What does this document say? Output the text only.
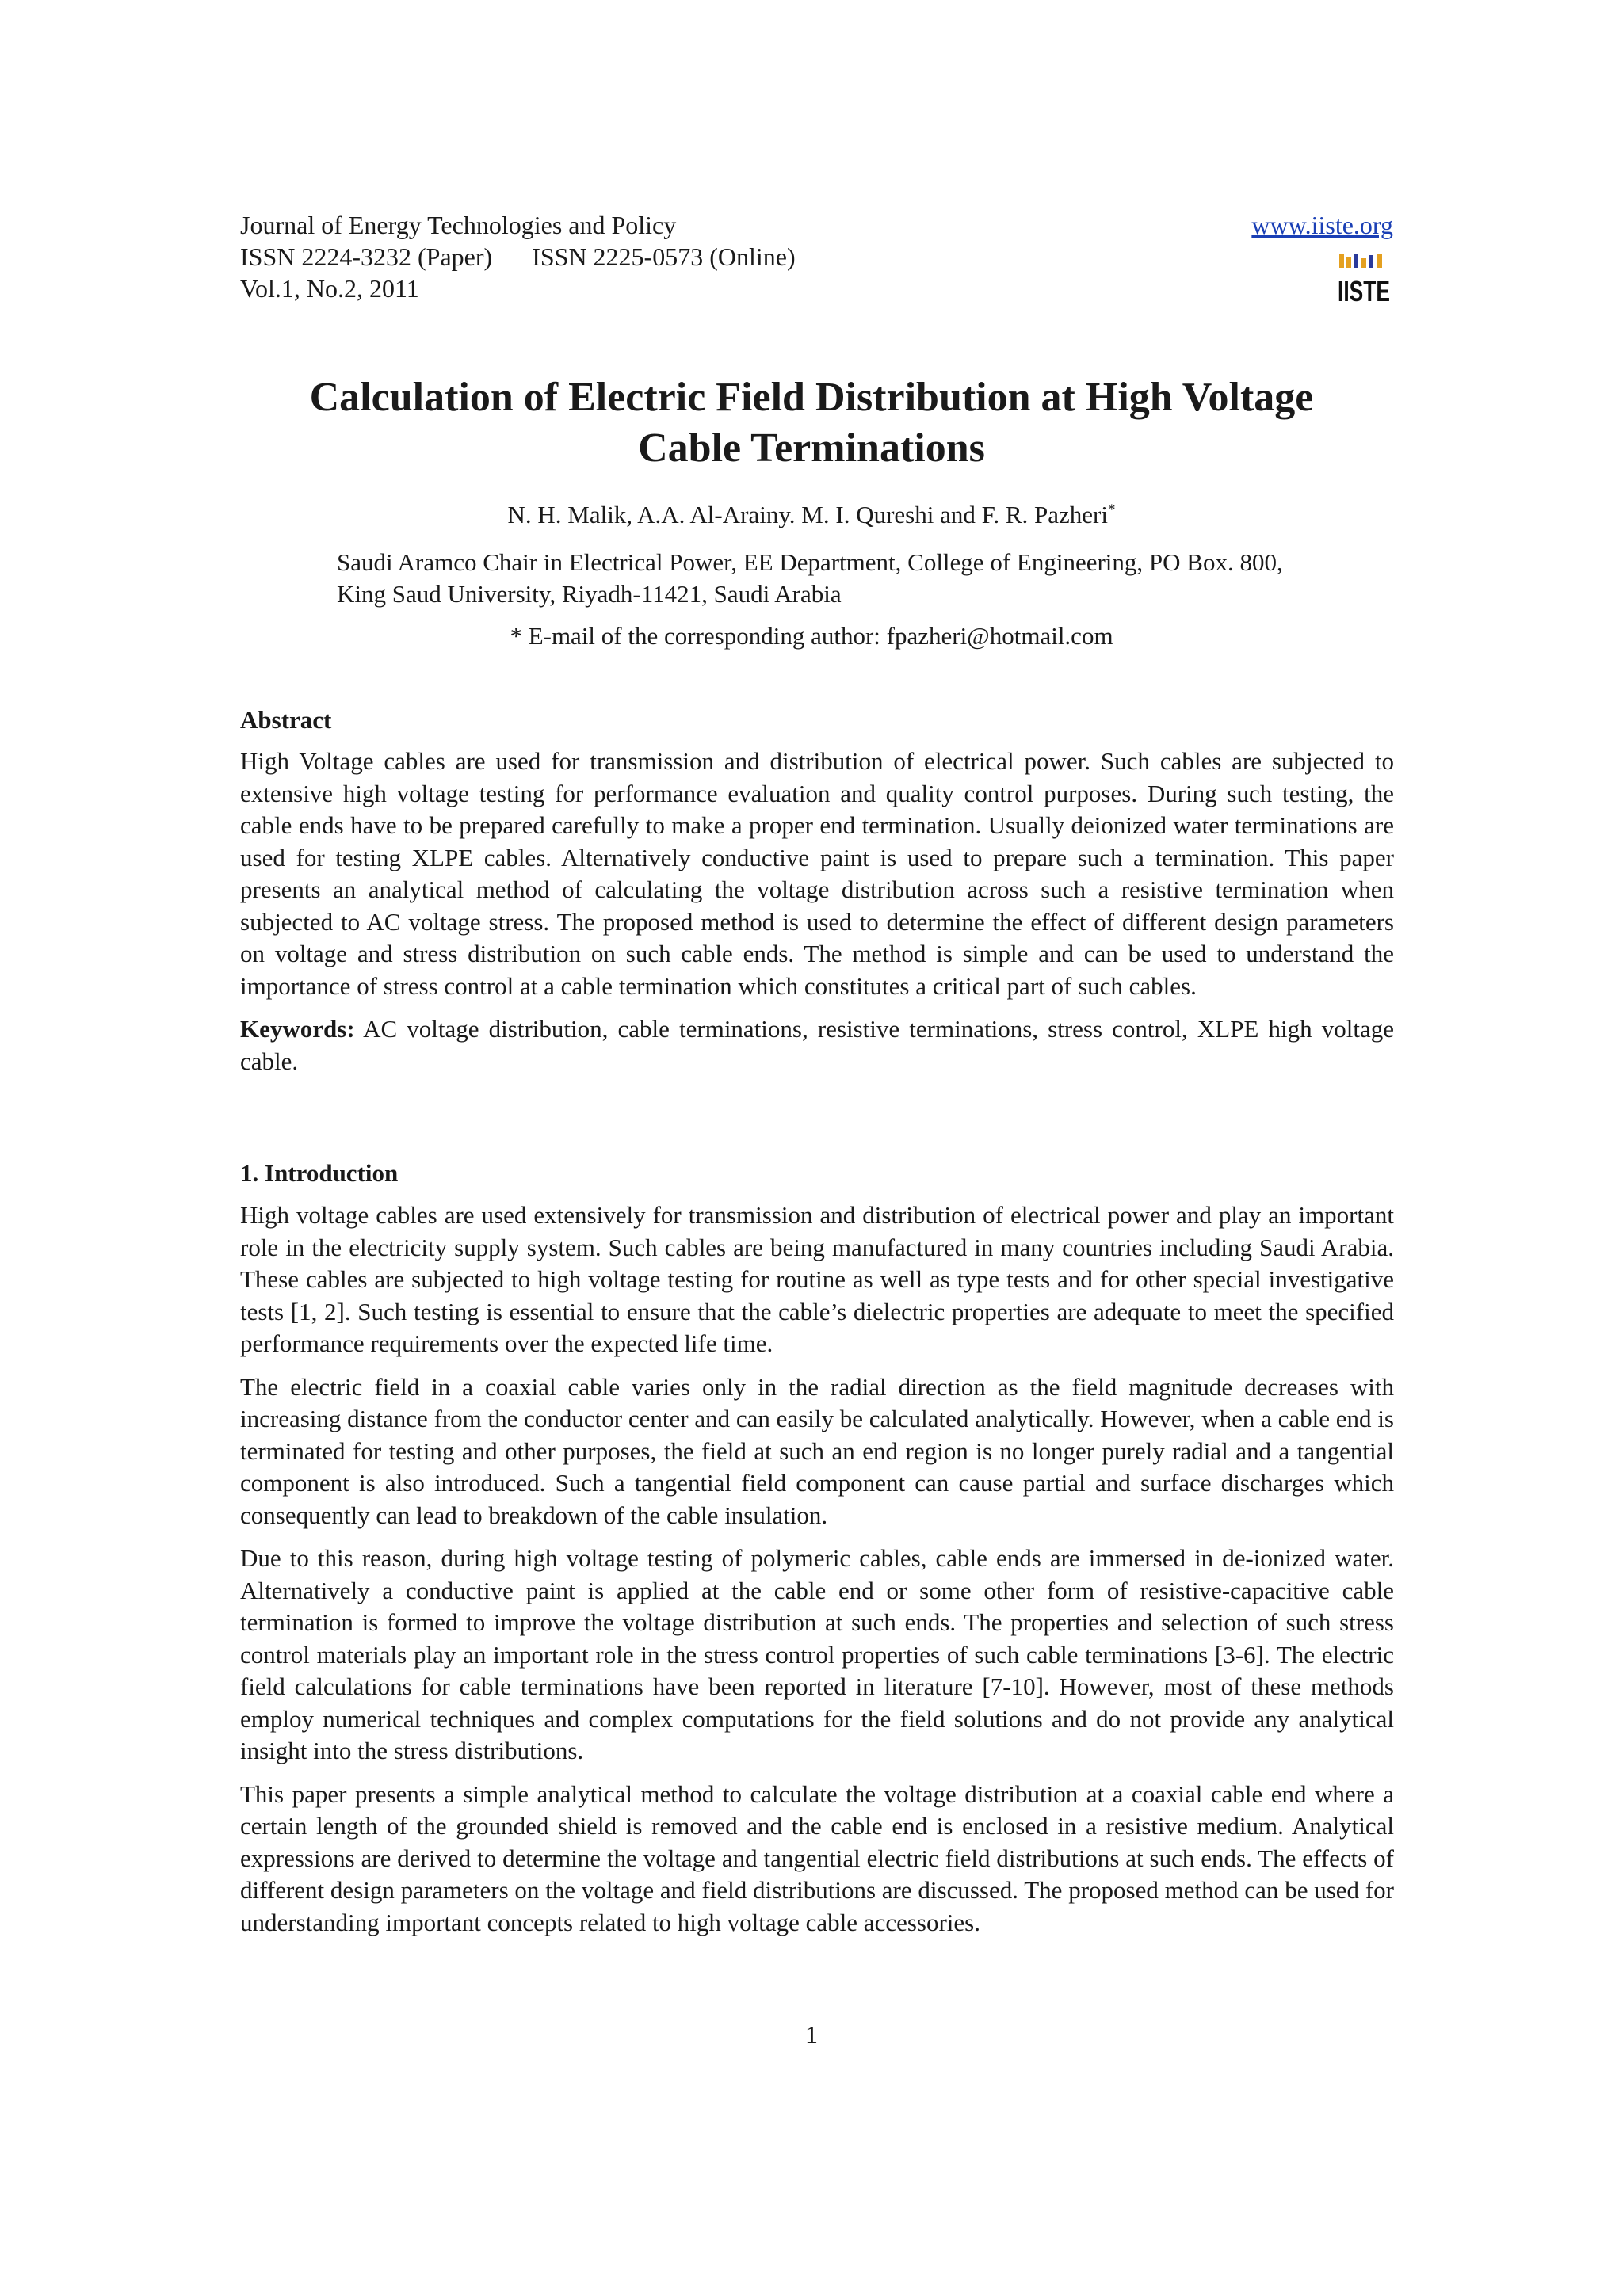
Journal of Energy Technologies and Policy
ISSN 2224-3232 (Paper) ISSN 2225-0573 (Online)
Vol.1, No.2, 2011
www.iiste.org
IISTE
Calculation of Electric Field Distribution at High Voltage
Cable Terminations
N. H. Malik, A.A. Al-Arainy. M. I. Qureshi and F. R. Pazheri*
Saudi Aramco Chair in Electrical Power, EE Department, College of Engineering, PO Box. 800,
King Saud University, Riyadh-11421, Saudi Arabia
* E-mail of the corresponding author: fpazheri@hotmail.com
Abstract

High Voltage cables are used for transmission and distribution of electrical power. Such cables are subjected to extensive high voltage testing for performance evaluation and quality control purposes. During such testing, the cable ends have to be prepared carefully to make a proper end termination. Usually deionized water terminations are used for testing XLPE cables. Alternatively conductive paint is used to prepare such a termination. This paper presents an analytical method of calculating the voltage distribution across such a resistive termination when subjected to AC voltage stress. The proposed method is used to determine the effect of different design parameters on voltage and stress distribution on such cable ends. The method is simple and can be used to understand the importance of stress control at a cable termination which constitutes a critical part of such cables.

Keywords: AC voltage distribution, cable terminations, resistive terminations, stress control, XLPE high voltage cable.

1. Introduction

High voltage cables are used extensively for transmission and distribution of electrical power and play an important role in the electricity supply system. Such cables are being manufactured in many countries including Saudi Arabia. These cables are subjected to high voltage testing for routine as well as type tests and for other special investigative tests [1, 2]. Such testing is essential to ensure that the cable’s dielectric properties are adequate to meet the specified performance requirements over the expected life time.

The electric field in a coaxial cable varies only in the radial direction as the field magnitude decreases with increasing distance from the conductor center and can easily be calculated analytically. However, when a cable end is terminated for testing and other purposes, the field at such an end region is no longer purely radial and a tangential component is also introduced. Such a tangential field component can cause partial and surface discharges which consequently can lead to breakdown of the cable insulation.

Due to this reason, during high voltage testing of polymeric cables, cable ends are immersed in de-ionized water. Alternatively a conductive paint is applied at the cable end or some other form of resistive-capacitive cable termination is formed to improve the voltage distribution at such ends. The properties and selection of such stress control materials play an important role in the stress control properties of such cable terminations [3-6]. The electric field calculations for cable terminations have been reported in literature [7-10]. However, most of these methods employ numerical techniques and complex computations for the field solutions and do not provide any analytical insight into the stress distributions.

This paper presents a simple analytical method to calculate the voltage distribution at a coaxial cable end where a certain length of the grounded shield is removed and the cable end is enclosed in a resistive medium. Analytical expressions are derived to determine the voltage and tangential electric field distributions at such ends. The effects of different design parameters on the voltage and field distributions are discussed. The proposed method can be used for understanding important concepts related to high voltage cable accessories.

1
